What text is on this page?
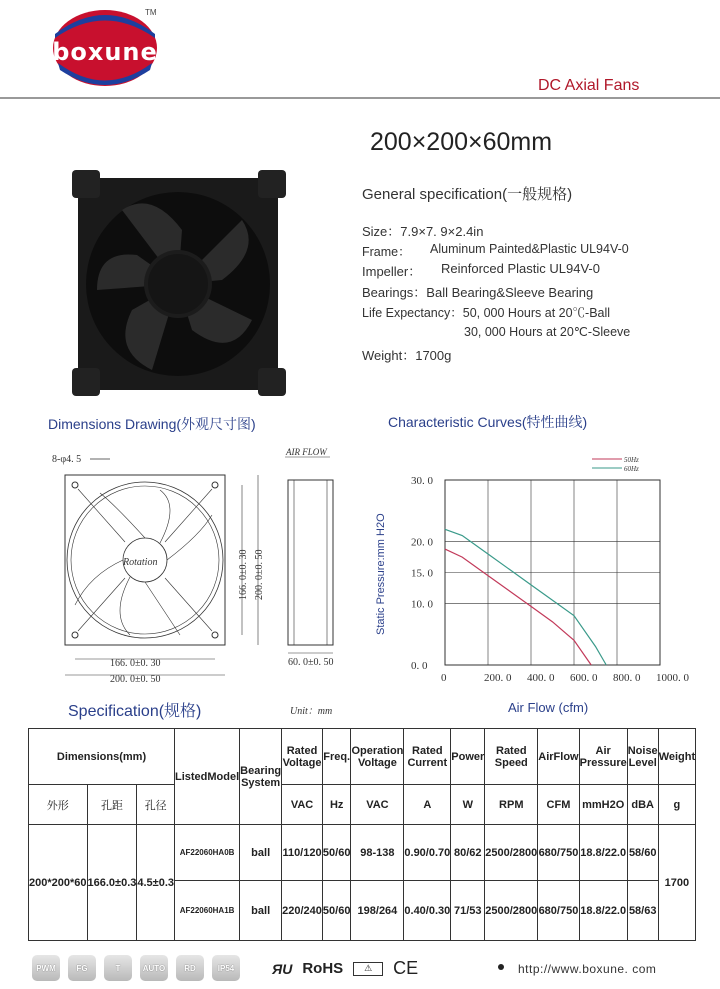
boxune
TM
DC Axial Fans
200×200×60mm
General specification(一般规格)
Size：7.9×7. 9×2.4in
Frame： Aluminum Painted&Plastic UL94V-0
Impeller： Reinforced Plastic UL94V-0
Bearings：Ball Bearing&Sleeve Bearing
Life Expectancy：50, 000 Hours at 20℃-Ball
30, 000 Hours at 20℃-Sleeve
Weight：1700g
Dimensions Drawing(外观尺寸图)	Characteristic Curves(特性曲线)
8-φ4. 5
Rotation	166. 0±0. 30 200. 0±0. 50
166. 0±0. 30
200. 0±0. 50
AIR FLOW
60. 0±0. 50
0	200. 0 400. 0 600. 0 800. 0 1000. 0
0. 0
10. 0
15. 0
20. 0
30. 0
50Hz
60Hz
Static Pressure:mm H2O
Specification(规格)	Unit：mm	Air Flow (cfm)
Dimensions(mm)			ListedModel	Bearing System	Rated Voltage	Freq.	Operation Voltage	Rated Current	Power	Rated Speed	AirFlow	Air Pressure	Noise Level	Weight
外形	孔距	孔径			VAC	Hz	VAC	A	W	RPM	CFM	mmH2O	dBA	g
200*200*60	166.0±0.3	4.5±0.3	AF22060HA0B	ball	110/120	50/60	98-138	0.90/0.70	80/62	2500/2800	680/750	18.8/22.0	58/60	1700
			AF22060HA1B	ball	220/240	50/60	198/264	0.40/0.30	71/53	2500/2800	680/750	18.8/22.0	58/63	
PWM	FG	T	AUTO	RD	IP54	ЯU RoHS	⚠	CE	http://www.boxune. com
